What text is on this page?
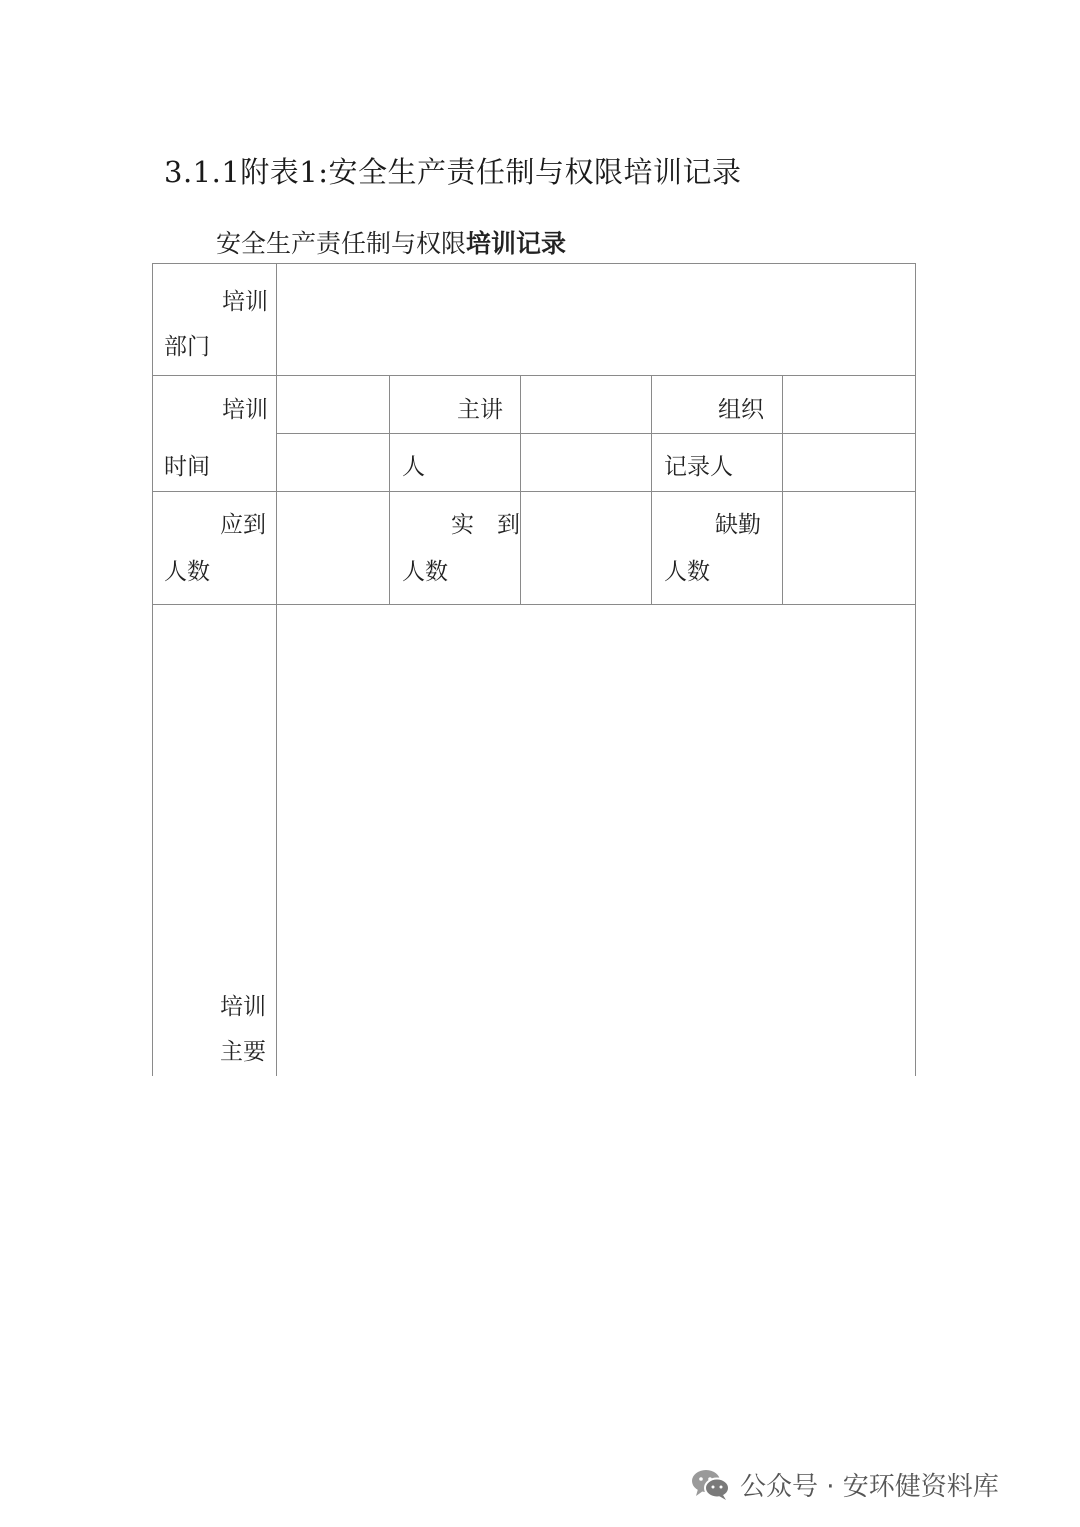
3.1.1附表1:安全生产责任制与权限培训记录
安全生产责任制与权限培训记录
培训
部门
培训
时间
主讲
人
组织
记录人
应到
人数
实　到
人数
缺勤
人数
培训
主要
公众号 · 安环健资料库
